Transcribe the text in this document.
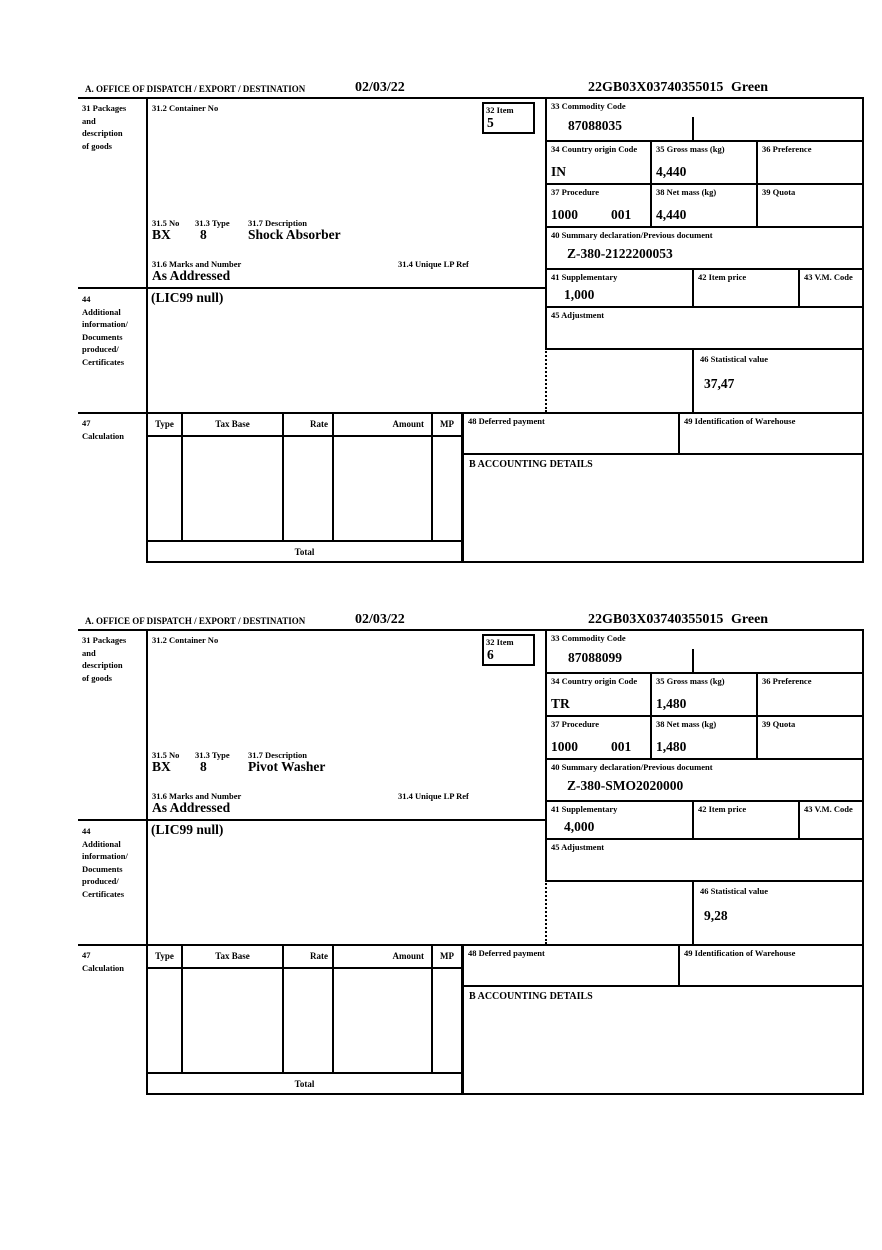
A. OFFICE OF DISPATCH / EXPORT / DESTINATION	02/03/22	22GB03X03740355015 Green
31 Packages
and
description
of goods
44
Additional
information/
Documents
produced/
Certificates
47
Calculation
31.2 Container No	32 Item
5
31.5 No 31.3 Type 31.7 Description
BX 8	Shock Absorber
31.6 Marks and Number	31.4 Unique LP Ref
As Addressed
(LIC99 null)
33 Commodity Code
87088035
34 Country origin Code
IN
35 Gross mass (kg)
4,440
36 Preference
37 Procedure
1000 001
38 Net mass (kg)
4,440
39 Quota
40 Summary declaration/Previous document
Z-380-2122200053
41 Supplementary
1,000
42 Item price	43 V.M. Code
45 Adjustment
46 Statistical value
37,47
Type	Tax Base	Rate	Amount	MP
Total
48 Deferred payment	49 Identification of Warehouse
B ACCOUNTING DETAILS
A. OFFICE OF DISPATCH / EXPORT / DESTINATION	02/03/22	22GB03X03740355015 Green
31 Packages
and
description
of goods
44
Additional
information/
Documents
produced/
Certificates
47
Calculation
31.2 Container No	32 Item
6
31.5 No 31.3 Type 31.7 Description
BX 8	Pivot Washer
31.6 Marks and Number	31.4 Unique LP Ref
As Addressed
(LIC99 null)
33 Commodity Code
87088099
34 Country origin Code
TR
35 Gross mass (kg)
1,480
36 Preference
37 Procedure
1000 001
38 Net mass (kg)
1,480
39 Quota
40 Summary declaration/Previous document
Z-380-SMO2020000
41 Supplementary
4,000
42 Item price	43 V.M. Code
45 Adjustment
46 Statistical value
9,28
Type	Tax Base	Rate	Amount	MP
Total
48 Deferred payment	49 Identification of Warehouse
B ACCOUNTING DETAILS
